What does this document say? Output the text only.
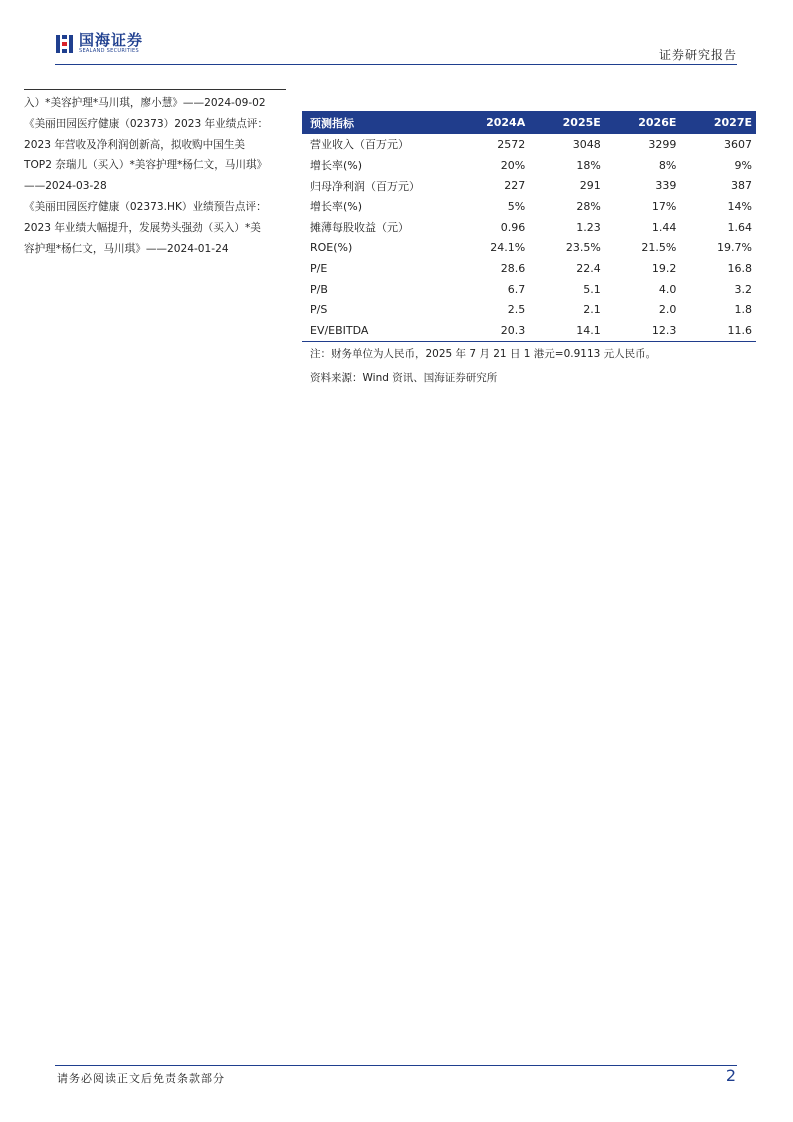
国海证券
SEALAND SECURITIES	证券研究报告

入）*美容护理*马川琪，廖小慧》——2024-09-02

《美丽田园医疗健康（02373）2023 年业绩点评：

2023 年营收及净利润创新高，拟收购中国生美

TOP2 奈瑞儿（买入）*美容护理*杨仁文，马川琪》

——2024-03-28

《美丽田园医疗健康（02373.HK）业绩预告点评：

2023 年业绩大幅提升，发展势头强劲（买入）*美

容护理*杨仁文，马川琪》——2024-01-24

预测指标	2024A	2025E	2026E	2027E
营业收入（百万元）	2572	3048	3299	3607
增长率(%)	20%	18%	8%	9%
归母净利润（百万元）	227	291	339	387
增长率(%)	5%	28%	17%	14%
摊薄每股收益（元）	0.96	1.23	1.44	1.64
ROE(%)	24.1%	23.5%	21.5%	19.7%
P/E	28.6	22.4	19.2	16.8
P/B	6.7	5.1	4.0	3.2
P/S	2.5	2.1	2.0	1.8
EV/EBITDA	20.3	14.1	12.3	11.6
注：财务单位为人民币，2025 年 7 月 21 日 1 港元=0.9113 元人民币。
资料来源：Wind 资讯、国海证券研究所
请务必阅读正文后免责条款部分	2
